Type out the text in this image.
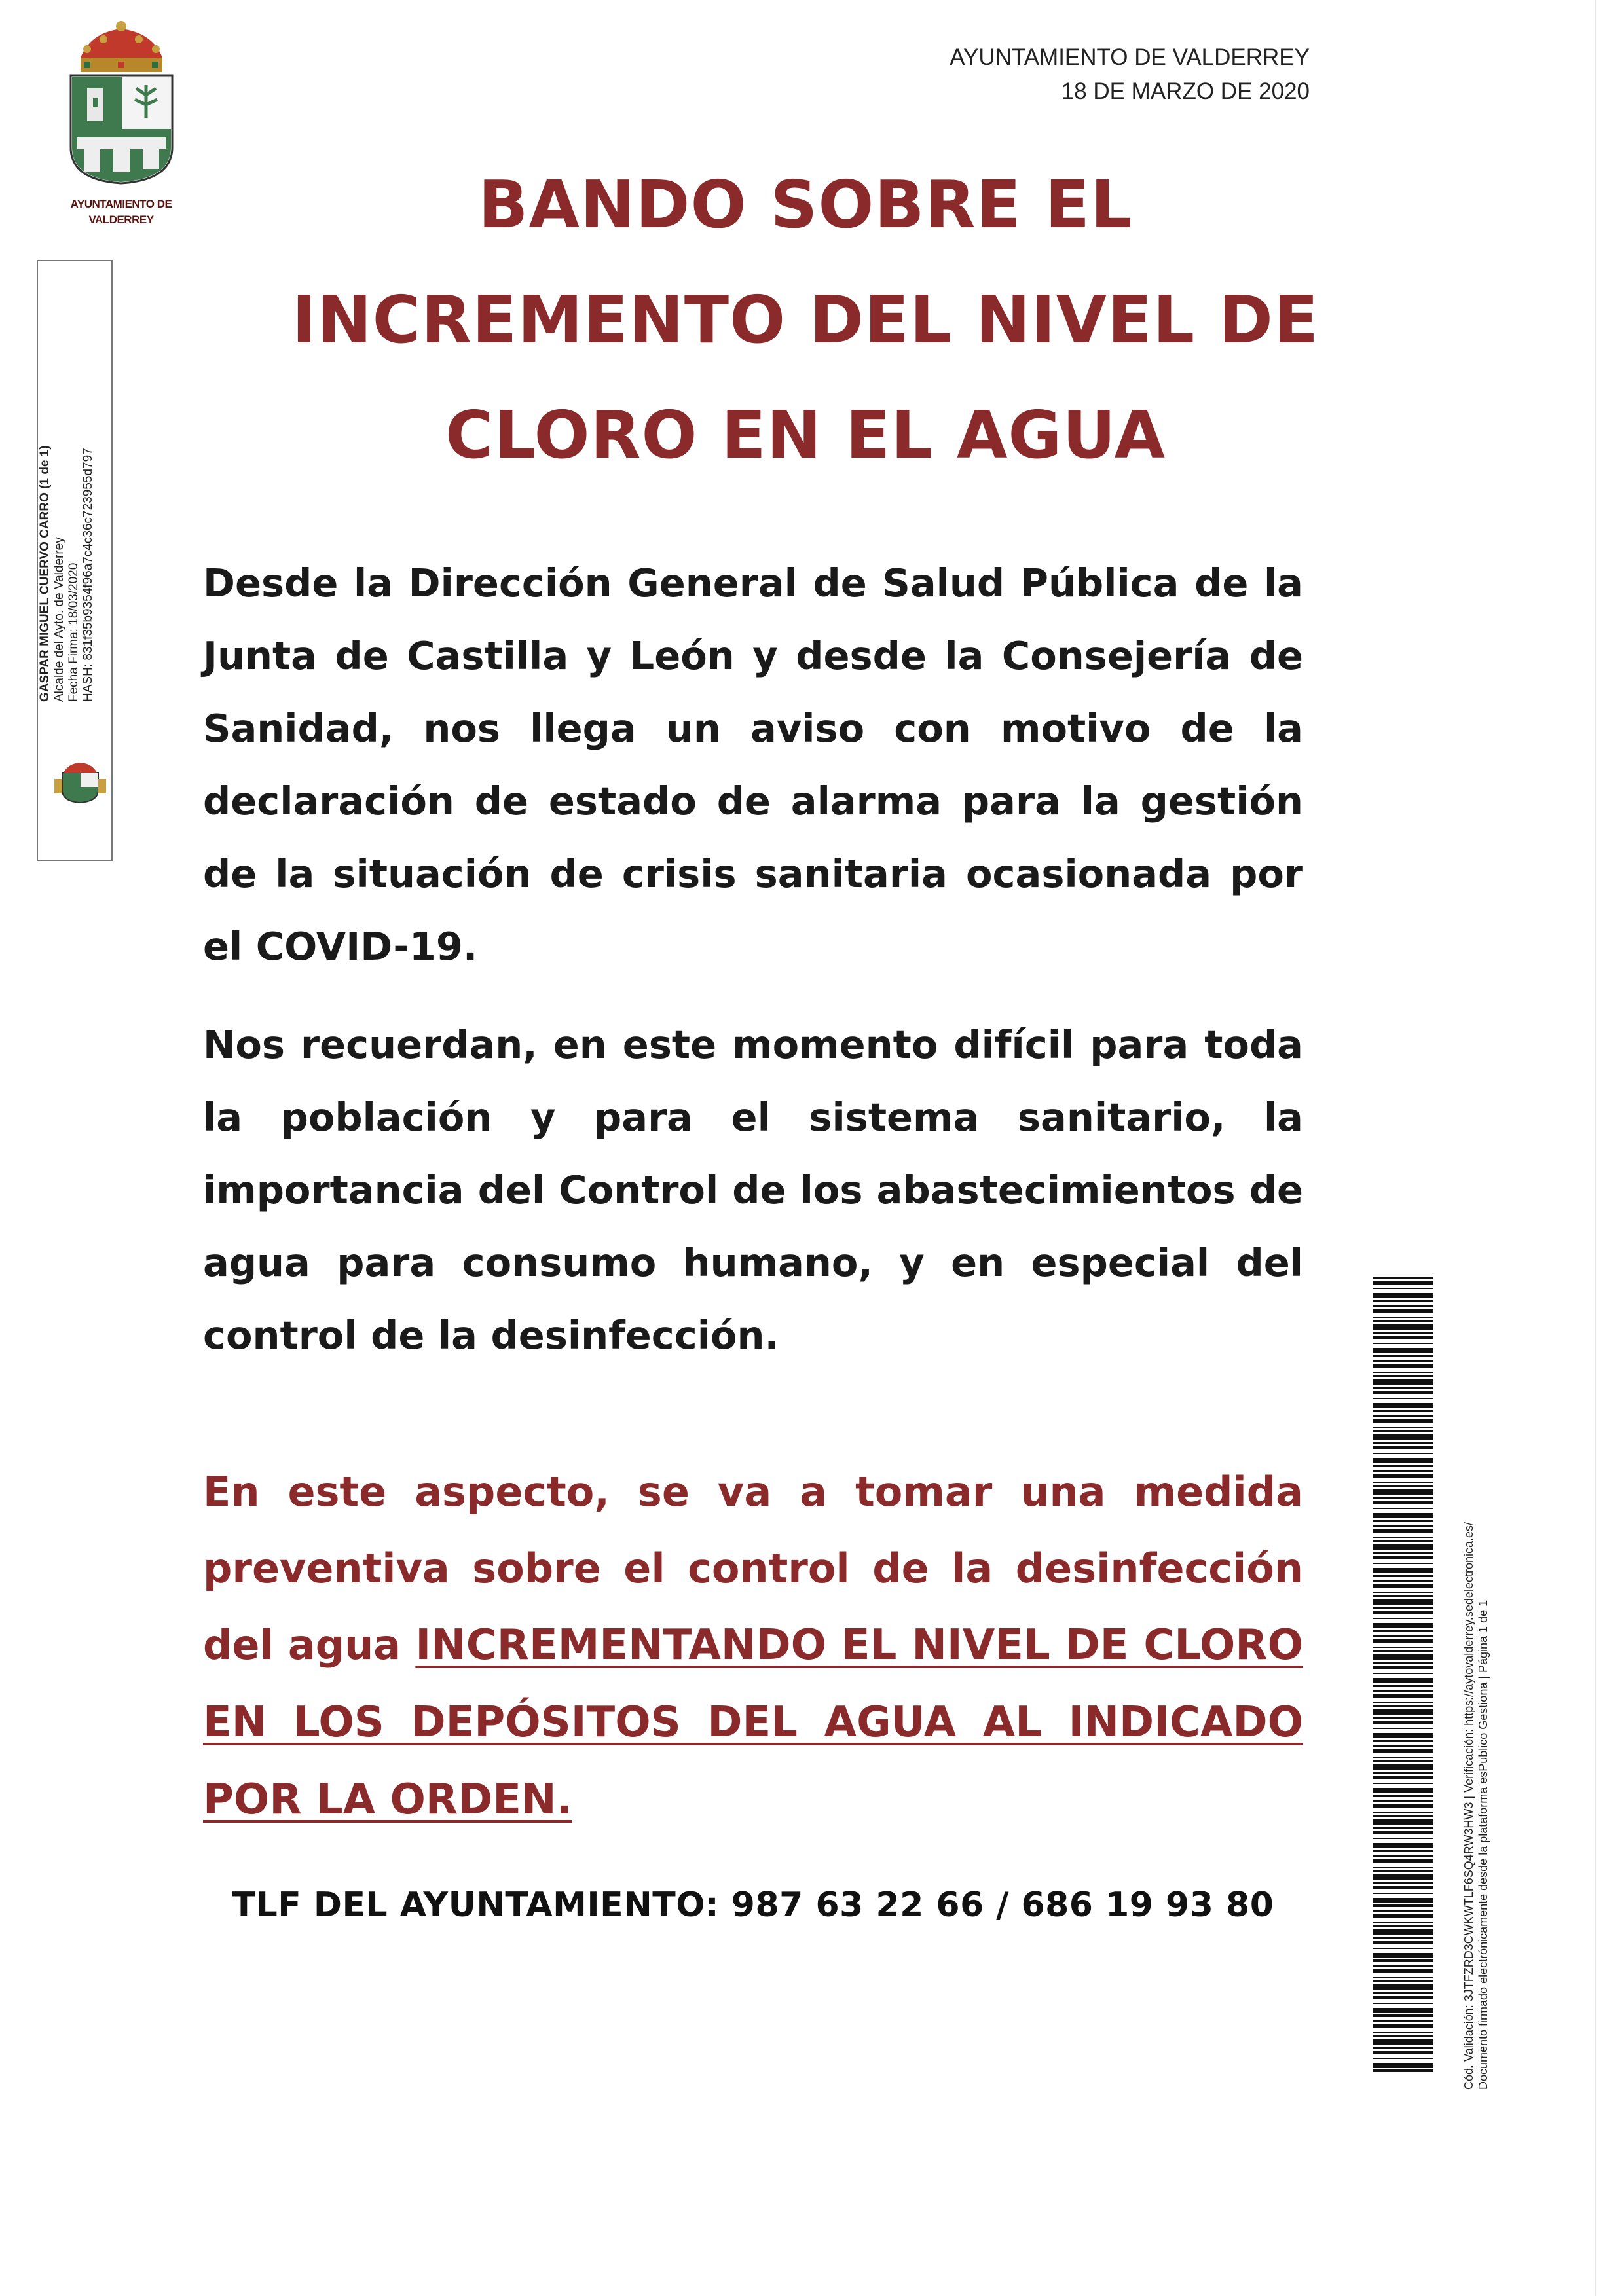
AYUNTAMIENTO DE
VALDERREY
GASPAR MIGUEL CUERVO CARRO (1 de 1) Alcalde del Ayto. de Valderrey Fecha Firma: 18/03/2020 HASH: 831f35b9354f96a7c4c36c723955d797
AYUNTAMIENTO DE VALDERREY
18 DE MARZO DE 2020
BANDO SOBRE EL
INCREMENTO DEL NIVEL DE
CLORO EN EL AGUA
Desde la Dirección General de Salud Pública de la Junta de Castilla y León y desde la Consejería de Sanidad, nos llega un aviso con motivo de la declaración de estado de alarma para la gestión de la situación de crisis sanitaria ocasionada por el COVID-19.
Nos recuerdan, en este momento difícil para toda la población y para el sistema sanitario, la importancia del Control de los abastecimientos de agua para consumo humano, y en especial del control de la desinfección.
En este aspecto, se va a tomar una medida preventiva sobre el control de la desinfección del agua INCREMENTANDO EL NIVEL DE CLORO EN LOS DEPÓSITOS DEL AGUA AL INDICADO POR LA ORDEN.
TLF DEL AYUNTAMIENTO: 987 63 22 66 / 686 19 93 80	Cód. Validación: 3JTFZRD3CWKWTLF6SQ4RW3HW3 | Verificación: https://aytovalderrey.sedelectronica.es/ Documento firmado electrónicamente desde la plataforma esPublico Gestiona | Página 1 de 1
